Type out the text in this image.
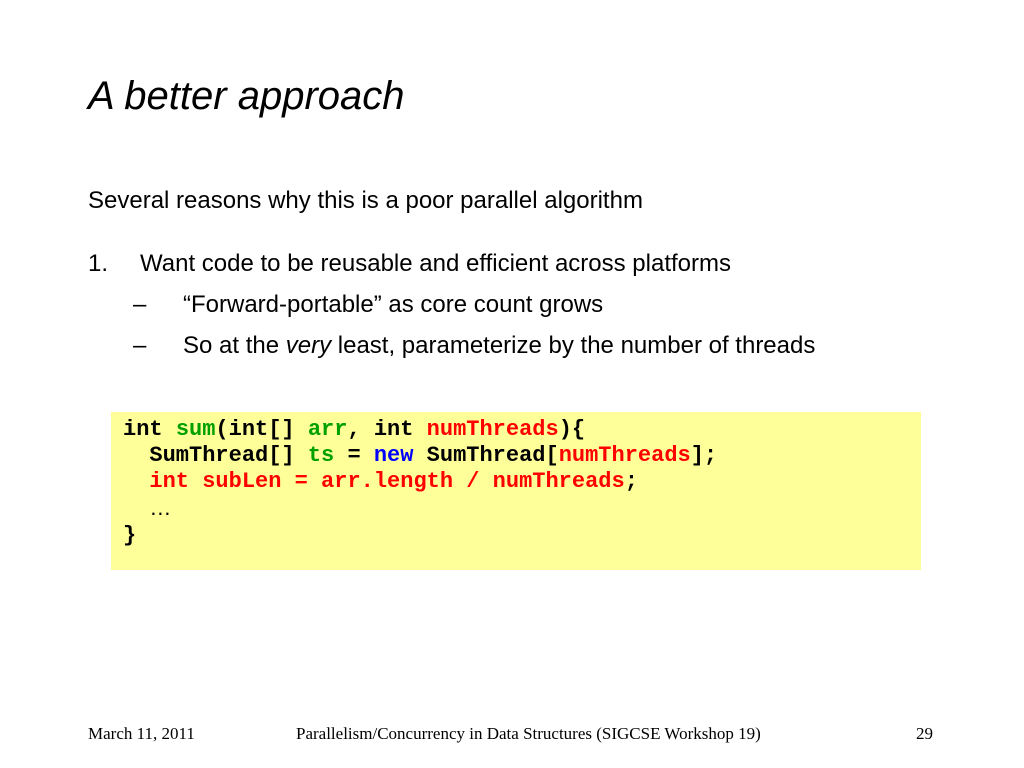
A better approach
Several reasons why this is a poor parallel algorithm
1. Want code to be reusable and efficient across platforms
– “Forward-portable” as core count grows
– So at the very least, parameterize by the number of threads
int sum(int[] arr, int numThreads){
SumThread[] ts = new SumThread[numThreads];
int subLen = arr.length / numThreads;
…
}
March 11, 2011	Parallelism/Concurrency in Data Structures (SIGCSE Workshop 19)	29
